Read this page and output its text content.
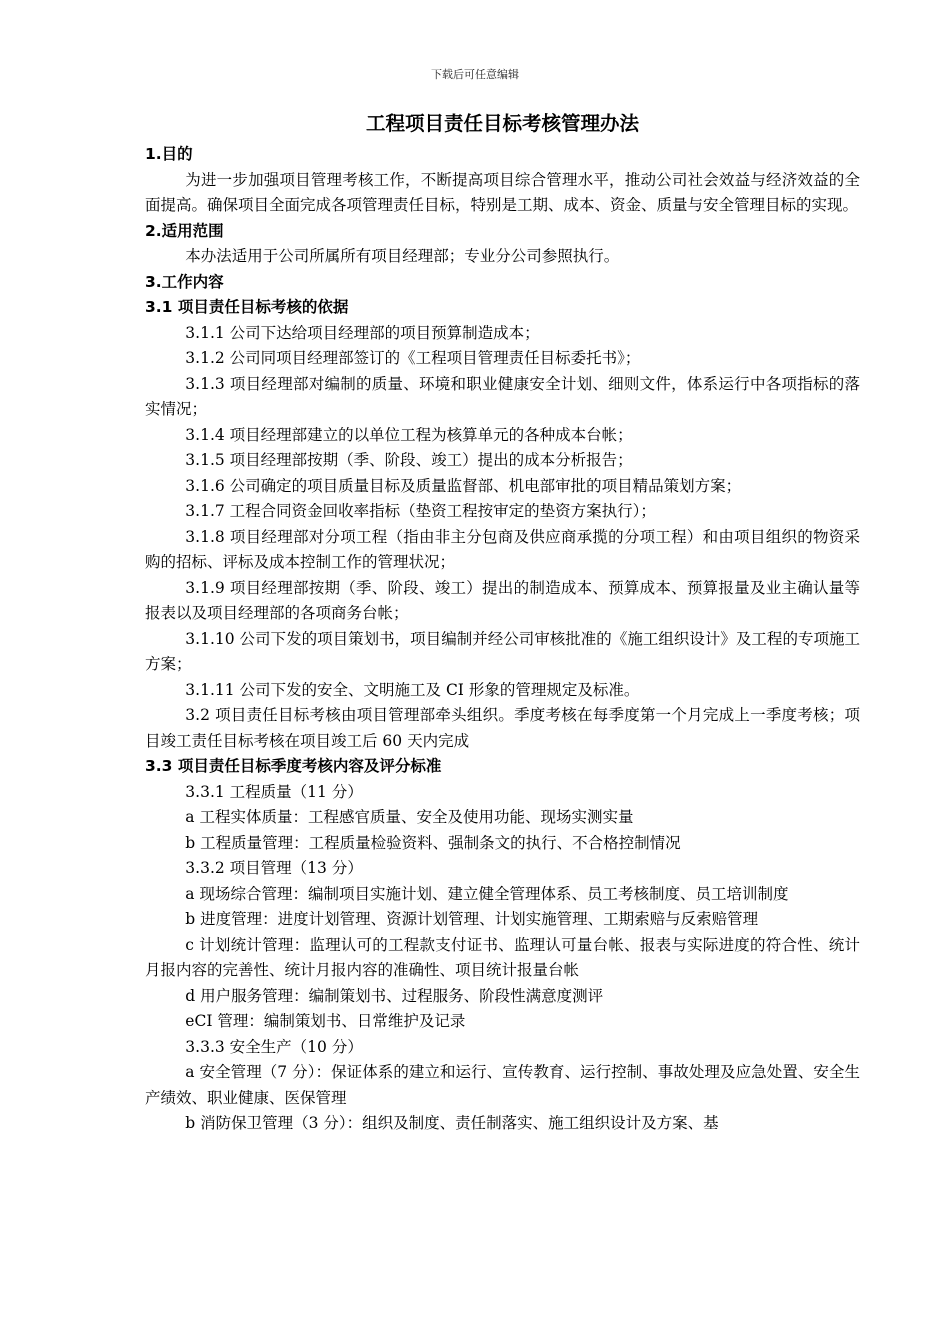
下载后可任意编辑
工程项目责任目标考核管理办法
1.目的
为进一步加强项目管理考核工作，不断提高项目综合管理水平，推动公司社会效益与经济效益的全面提高。确保项目全面完成各项管理责任目标，特别是工期、成本、资金、质量与安全管理目标的实现。
2.适用范围
本办法适用于公司所属所有项目经理部；专业分公司参照执行。
3.工作内容
3.1 项目责任目标考核的依据
3.1.1 公司下达给项目经理部的项目预算制造成本；
3.1.2 公司同项目经理部签订的《工程项目管理责任目标委托书》；
3.1.3 项目经理部对编制的质量、环境和职业健康安全计划、细则文件，体系运行中各项指标的落实情况；
3.1.4 项目经理部建立的以单位工程为核算单元的各种成本台帐；
3.1.5 项目经理部按期（季、阶段、竣工）提出的成本分析报告；
3.1.6 公司确定的项目质量目标及质量监督部、机电部审批的项目精品策划方案；
3.1.7 工程合同资金回收率指标（垫资工程按审定的垫资方案执行）；
3.1.8 项目经理部对分项工程（指由非主分包商及供应商承揽的分项工程）和由项目组织的物资采购的招标、评标及成本控制工作的管理状况；
3.1.9 项目经理部按期（季、阶段、竣工）提出的制造成本、预算成本、预算报量及业主确认量等报表以及项目经理部的各项商务台帐；
3.1.10 公司下发的项目策划书，项目编制并经公司审核批准的《施工组织设计》及工程的专项施工方案；
3.1.11 公司下发的安全、文明施工及 CI 形象的管理规定及标准。
3.2 项目责任目标考核由项目管理部牵头组织。季度考核在每季度第一个月完成上一季度考核；项目竣工责任目标考核在项目竣工后 60 天内完成
3.3 项目责任目标季度考核内容及评分标准
3.3.1 工程质量（11 分）
a 工程实体质量：工程感官质量、安全及使用功能、现场实测实量
b 工程质量管理：工程质量检验资料、强制条文的执行、不合格控制情况
3.3.2 项目管理（13 分）
a 现场综合管理：编制项目实施计划、建立健全管理体系、员工考核制度、员工培训制度
b 进度管理：进度计划管理、资源计划管理、计划实施管理、工期索赔与反索赔管理
c 计划统计管理：监理认可的工程款支付证书、监理认可量台帐、报表与实际进度的符合性、统计月报内容的完善性、统计月报内容的准确性、项目统计报量台帐
d 用户服务管理：编制策划书、过程服务、阶段性满意度测评
eCI 管理：编制策划书、日常维护及记录
3.3.3 安全生产（10 分）
a 安全管理（7 分）：保证体系的建立和运行、宣传教育、运行控制、事故处理及应急处置、安全生产绩效、职业健康、医保管理
b 消防保卫管理（3 分）：组织及制度、责任制落实、施工组织设计及方案、基
